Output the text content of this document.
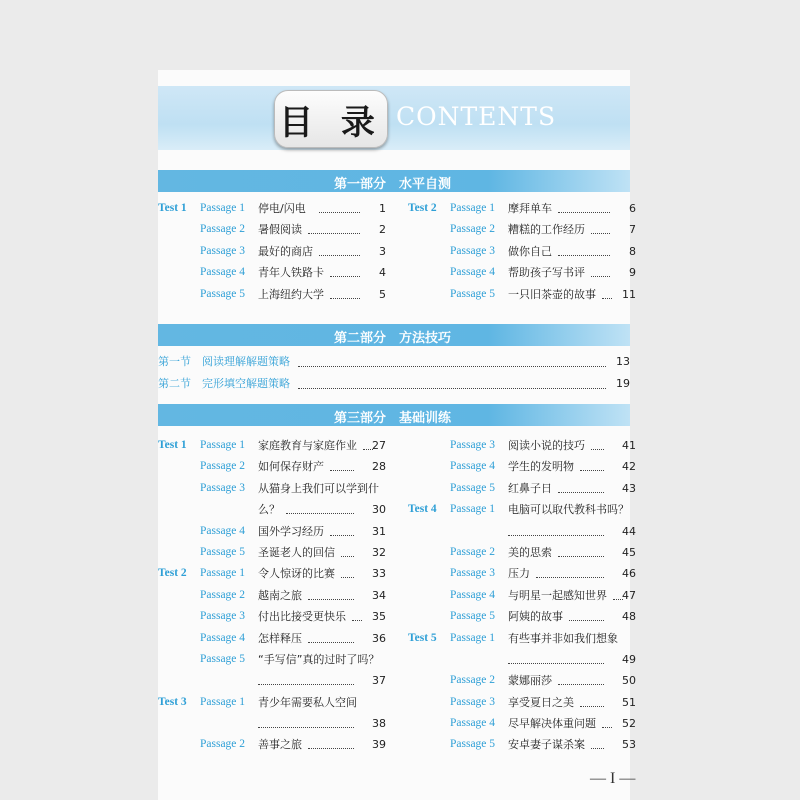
目 录 CONTENTS
第一部分　水平自测
Test 1 Passage 1 停电/闪电	1
Passage 2 暑假阅读	2
Passage 3 最好的商店	3
Passage 4 青年人铁路卡	4
Passage 5 上海纽约大学	5
Test 2 Passage 1 摩拜单车	6
Passage 2 糟糕的工作经历	7
Passage 3 做你自己	8
Passage 4 帮助孩子写书评	9
Passage 5 一只旧茶壶的故事	11
第二部分　方法技巧
第一节 阅读理解解题策略	13
第二节 完形填空解题策略	19
第三部分　基础训练
Test 1 Passage 1 家庭教育与家庭作业	27
Passage 2 如何保存财产	28
Passage 3 从猫身上我们可以学到什
么？	30
Passage 4 国外学习经历	31
Passage 5 圣诞老人的回信	32
Test 2 Passage 1 令人惊讶的比赛	33
Passage 2 越南之旅	34
Passage 3 付出比接受更快乐	35
Passage 4 怎样释压	36
Passage 5 “手写信”真的过时了吗？
37
Test 3 Passage 1 青少年需要私人空间
38
Passage 2 善事之旅	39
Passage 3 阅读小说的技巧	41
Passage 4 学生的发明物	42
Passage 5 红鼻子日	43
Test 4 Passage 1 电脑可以取代教科书吗？
44
Passage 2 美的思索	45
Passage 3 压力	46
Passage 4 与明星一起感知世界	47
Passage 5 阿姨的故事	48
Test 5 Passage 1 有些事并非如我们想象
49
Passage 2 蒙娜丽莎	50
Passage 3 享受夏日之美	51
Passage 4 尽早解决体重问题	52
Passage 5 安卓妻子谋杀案	53
— I —
